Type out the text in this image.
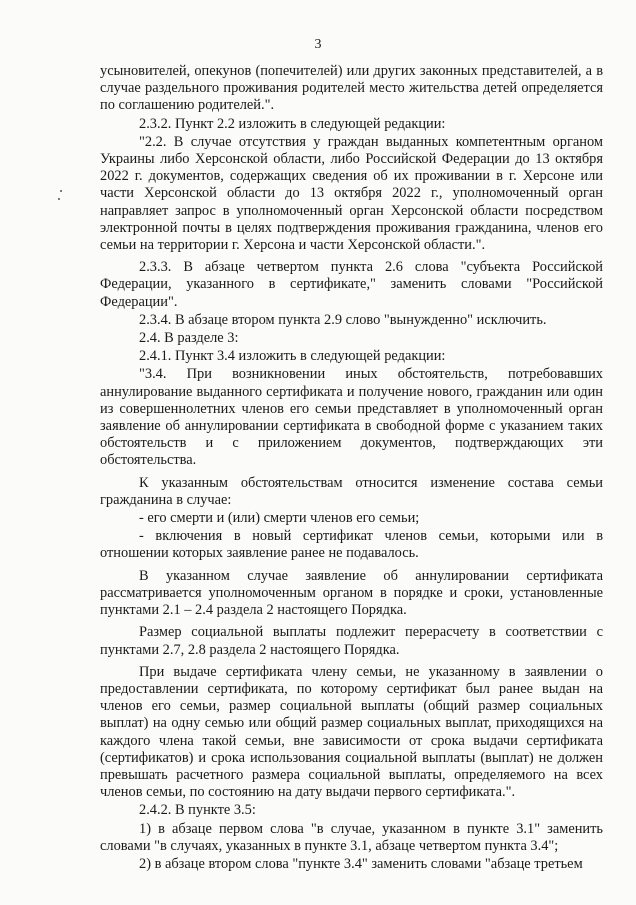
3

усыновителей, опекунов (попечителей) или других законных представителей, а в случае раздельного проживания родителей место жительства детей определяется по соглашению родителей.".

2.3.2. Пункт 2.2 изложить в следующей редакции:

"2.2. В случае отсутствия у граждан выданных компетентным органом Украины либо Херсонской области, либо Российской Федерации до 13 октября 2022 г. документов, содержащих сведения об их проживании в г. Херсоне или части Херсонской области до 13 октября 2022 г., уполномоченный орган направляет запрос в уполномоченный орган Херсонской области посредством электронной почты в целях подтверждения проживания гражданина, членов его семьи на территории г. Херсона и части Херсонской области.".

2.3.3. В абзаце четвертом пункта 2.6 слова "субъекта Российской Федерации, указанного в сертификате," заменить словами "Российской Федерации".

2.3.4. В абзаце втором пункта 2.9 слово "вынужденно" исключить.

2.4. В разделе 3:

2.4.1. Пункт 3.4 изложить в следующей редакции:

"3.4. При возникновении иных обстоятельств, потребовавших аннулирование выданного сертификата и получение нового, гражданин или один из совершеннолетних членов его семьи представляет в уполномоченный орган заявление об аннулировании сертификата в свободной форме с указанием таких обстоятельств и с приложением документов, подтверждающих эти обстоятельства.

К указанным обстоятельствам относится изменение состава семьи гражданина в случае:

- его смерти и (или) смерти членов его семьи;

- включения в новый сертификат членов семьи, которыми или в отношении которых заявление ранее не подавалось.

В указанном случае заявление об аннулировании сертификата рассматривается уполномоченным органом в порядке и сроки, установленные пунктами 2.1 – 2.4 раздела 2 настоящего Порядка.

Размер социальной выплаты подлежит перерасчету в соответствии с пунктами 2.7, 2.8 раздела 2 настоящего Порядка.

При выдаче сертификата члену семьи, не указанному в заявлении о предоставлении сертификата, по которому сертификат был ранее выдан на членов его семьи, размер социальной выплаты (общий размер социальных выплат) на одну семью или общий размер социальных выплат, приходящихся на каждого члена такой семьи, вне зависимости от срока выдачи сертификата (сертификатов) и срока использования социальной выплаты (выплат) не должен превышать расчетного размера социальной выплаты, определяемого на всех членов семьи, по состоянию на дату выдачи первого сертификата.".

2.4.2. В пункте 3.5:

1) в абзаце первом слова "в случае, указанном в пункте 3.1" заменить словами "в случаях, указанных в пункте 3.1, абзаце четвертом пункта 3.4";

2) в абзаце втором слова "пункте 3.4" заменить словами "абзаце третьем
